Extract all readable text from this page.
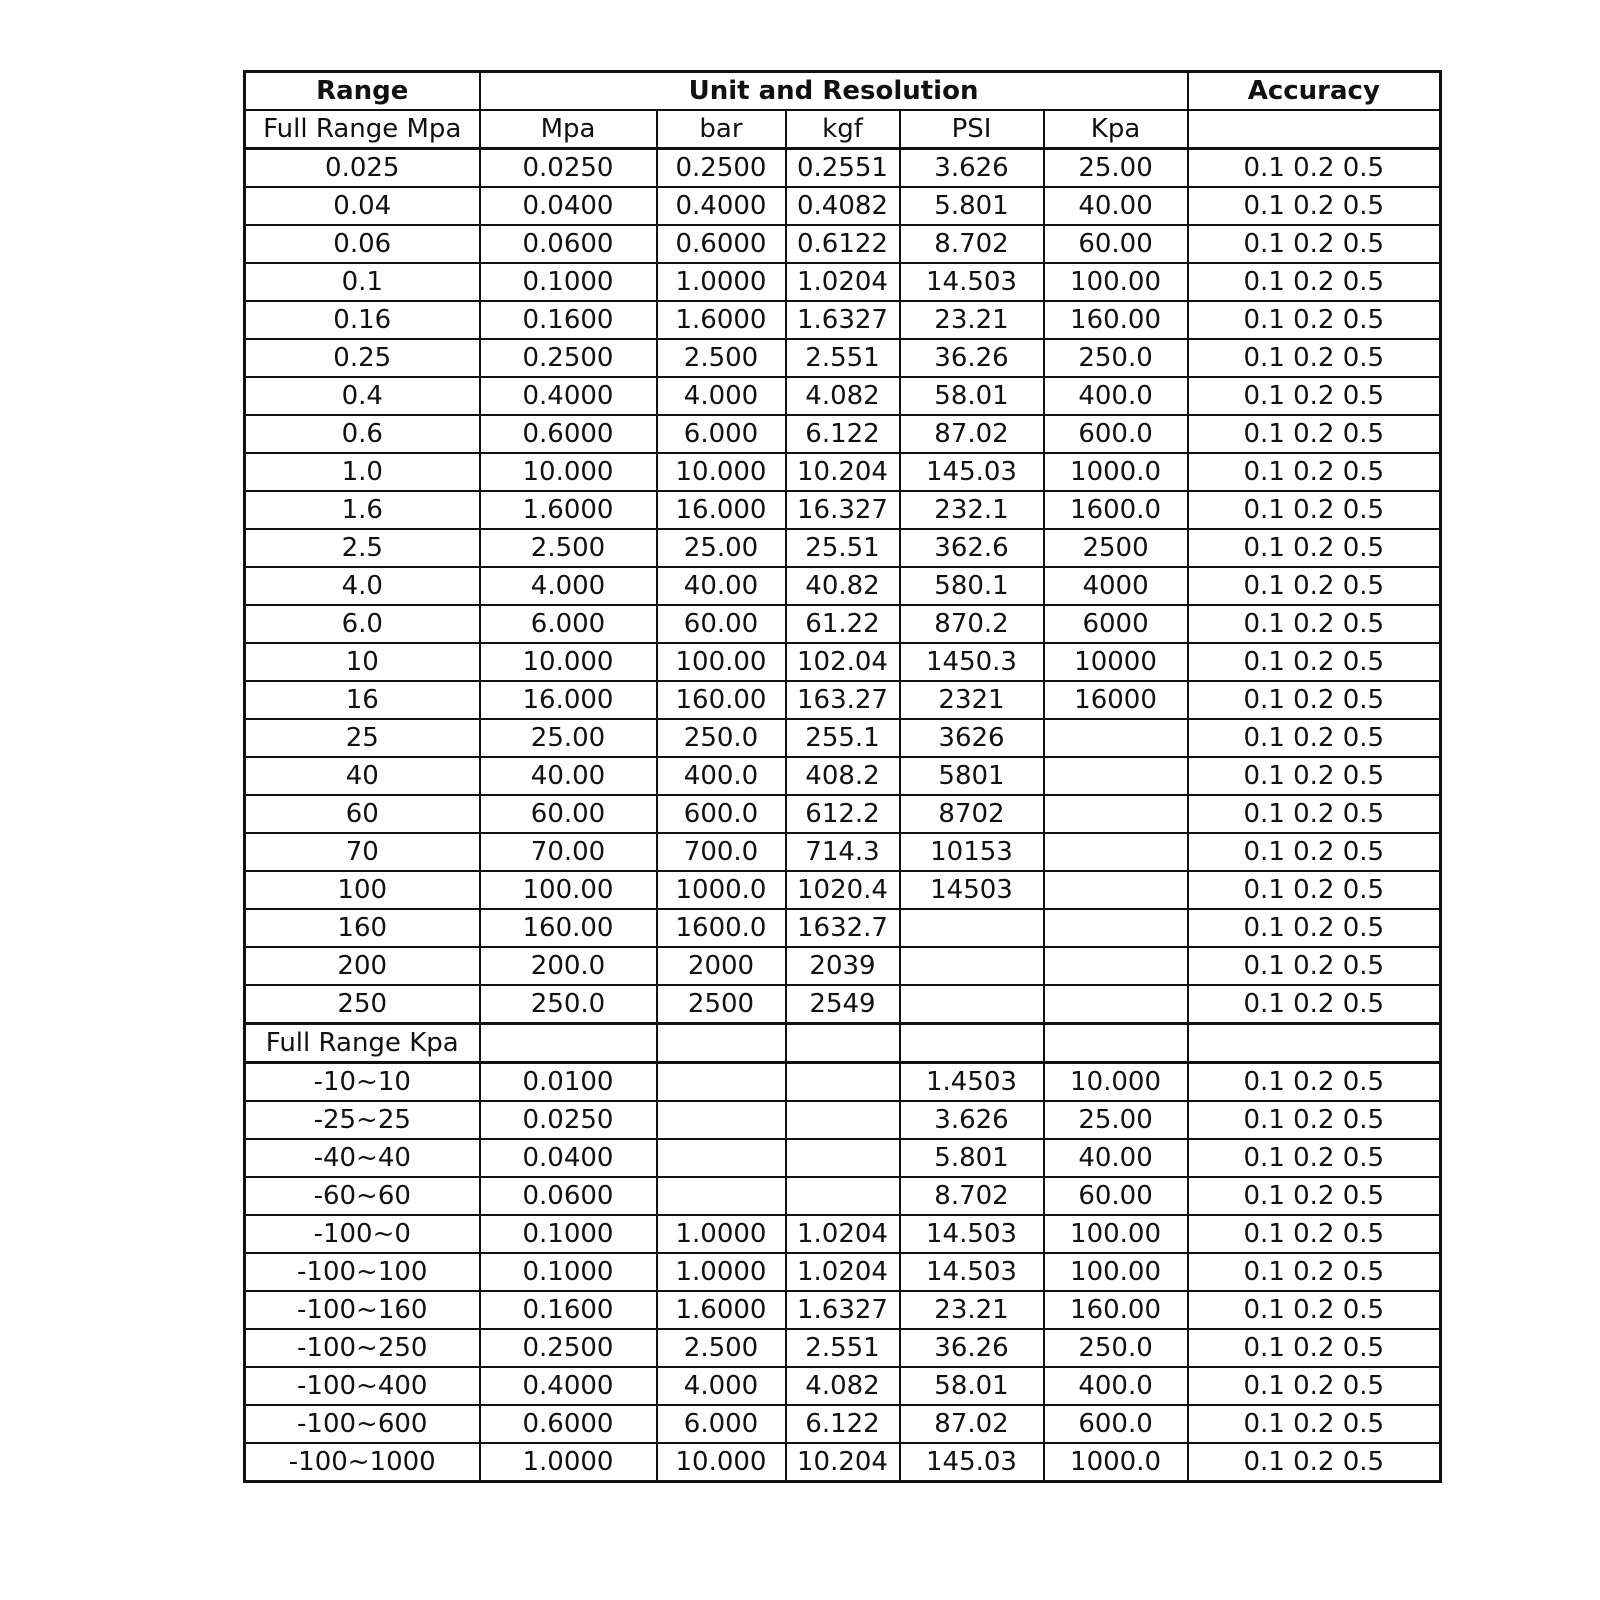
Range	Unit and Resolution					Accuracy
Full Range Mpa	Mpa	bar	kgf	PSI	Kpa	
0.025	0.0250	0.2500	0.2551	3.626	25.00	0.1 0.2 0.5
0.04	0.0400	0.4000	0.4082	5.801	40.00	0.1 0.2 0.5
0.06	0.0600	0.6000	0.6122	8.702	60.00	0.1 0.2 0.5
0.1	0.1000	1.0000	1.0204	14.503	100.00	0.1 0.2 0.5
0.16	0.1600	1.6000	1.6327	23.21	160.00	0.1 0.2 0.5
0.25	0.2500	2.500	2.551	36.26	250.0	0.1 0.2 0.5
0.4	0.4000	4.000	4.082	58.01	400.0	0.1 0.2 0.5
0.6	0.6000	6.000	6.122	87.02	600.0	0.1 0.2 0.5
1.0	10.000	10.000	10.204	145.03	1000.0	0.1 0.2 0.5
1.6	1.6000	16.000	16.327	232.1	1600.0	0.1 0.2 0.5
2.5	2.500	25.00	25.51	362.6	2500	0.1 0.2 0.5
4.0	4.000	40.00	40.82	580.1	4000	0.1 0.2 0.5
6.0	6.000	60.00	61.22	870.2	6000	0.1 0.2 0.5
10	10.000	100.00	102.04	1450.3	10000	0.1 0.2 0.5
16	16.000	160.00	163.27	2321	16000	0.1 0.2 0.5
25	25.00	250.0	255.1	3626		0.1 0.2 0.5
40	40.00	400.0	408.2	5801		0.1 0.2 0.5
60	60.00	600.0	612.2	8702		0.1 0.2 0.5
70	70.00	700.0	714.3	10153		0.1 0.2 0.5
100	100.00	1000.0	1020.4	14503		0.1 0.2 0.5
160	160.00	1600.0	1632.7			0.1 0.2 0.5
200	200.0	2000	2039			0.1 0.2 0.5
250	250.0	2500	2549			0.1 0.2 0.5
Full Range Kpa						
-10~10	0.0100			1.4503	10.000	0.1 0.2 0.5
-25~25	0.0250			3.626	25.00	0.1 0.2 0.5
-40~40	0.0400			5.801	40.00	0.1 0.2 0.5
-60~60	0.0600			8.702	60.00	0.1 0.2 0.5
-100~0	0.1000	1.0000	1.0204	14.503	100.00	0.1 0.2 0.5
-100~100	0.1000	1.0000	1.0204	14.503	100.00	0.1 0.2 0.5
-100~160	0.1600	1.6000	1.6327	23.21	160.00	0.1 0.2 0.5
-100~250	0.2500	2.500	2.551	36.26	250.0	0.1 0.2 0.5
-100~400	0.4000	4.000	4.082	58.01	400.0	0.1 0.2 0.5
-100~600	0.6000	6.000	6.122	87.02	600.0	0.1 0.2 0.5
-100~1000	1.0000	10.000	10.204	145.03	1000.0	0.1 0.2 0.5
